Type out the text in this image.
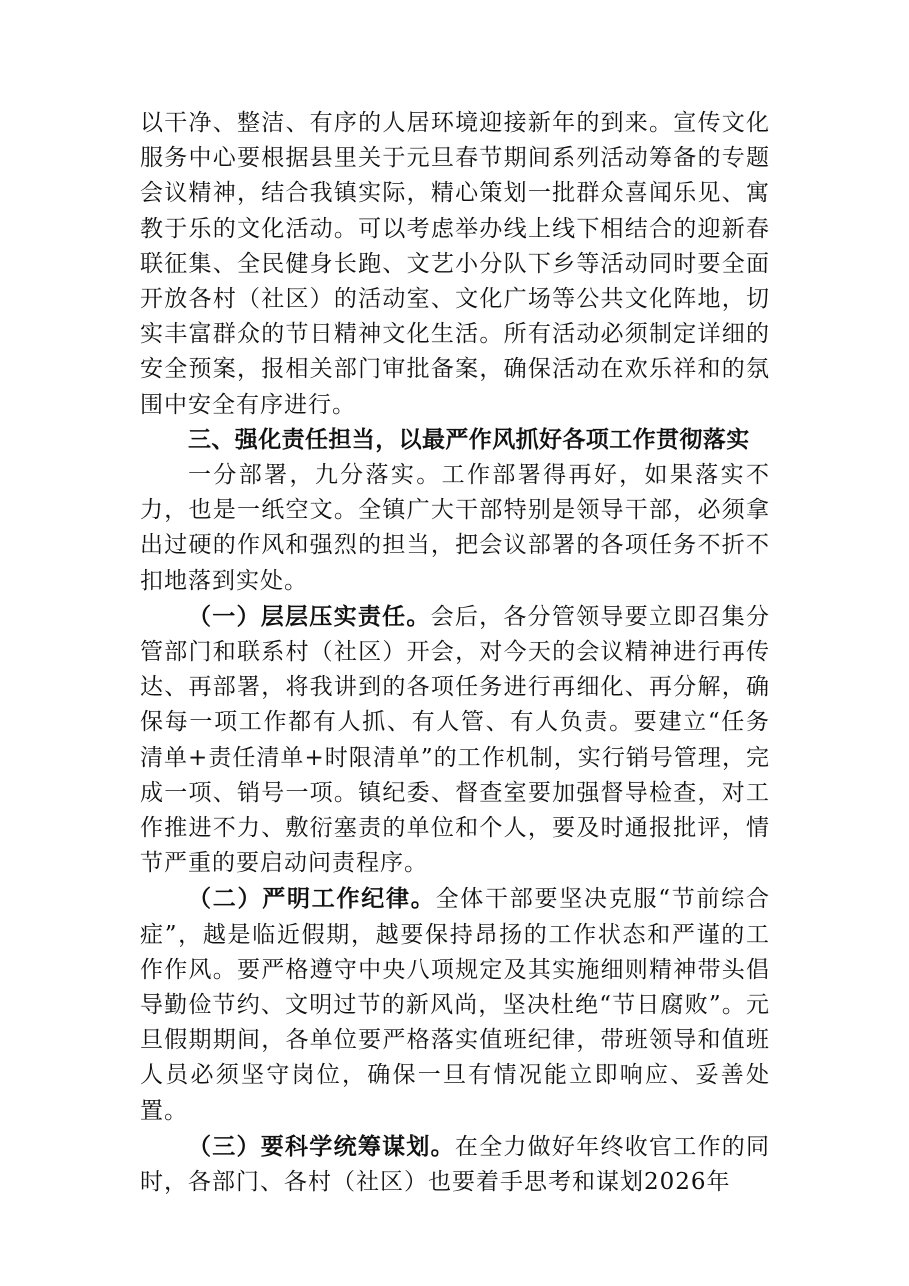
以干净、整洁、有序的人居环境迎接新年的到来。宣传文化服务中心要根据县里关于元旦春节期间系列活动筹备的专题会议精神，结合我镇实际，精心策划一批群众喜闻乐见、寓教于乐的文化活动。可以考虑举办线上线下相结合的迎新春联征集、全民健身长跑、文艺小分队下乡等活动同时要全面开放各村（社区）的活动室、文化广场等公共文化阵地，切实丰富群众的节日精神文化生活。所有活动必须制定详细的安全预案，报相关部门审批备案，确保活动在欢乐祥和的氛围中安全有序进行。

三、强化责任担当，以最严作风抓好各项工作贯彻落实

一分部署，九分落实。工作部署得再好，如果落实不力，也是一纸空文。全镇广大干部特别是领导干部，必须拿出过硬的作风和强烈的担当，把会议部署的各项任务不折不扣地落到实处。

（一）层层压实责任。会后，各分管领导要立即召集分管部门和联系村（社区）开会，对今天的会议精神进行再传达、再部署，将我讲到的各项任务进行再细化、再分解，确保每一项工作都有人抓、有人管、有人负责。要建立“任务清单+责任清单+时限清单”的工作机制，实行销号管理，完成一项、销号一项。镇纪委、督查室要加强督导检查，对工作推进不力、敷衍塞责的单位和个人，要及时通报批评，情节严重的要启动问责程序。

（二）严明工作纪律。全体干部要坚决克服“节前综合症”，越是临近假期，越要保持昂扬的工作状态和严谨的工作作风。要严格遵守中央八项规定及其实施细则精神带头倡导勤俭节约、文明过节的新风尚，坚决杜绝“节日腐败”。元旦假期期间，各单位要严格落实值班纪律，带班领导和值班人员必须坚守岗位，确保一旦有情况能立即响应、妥善处置。

（三）要科学统筹谋划。在全力做好年终收官工作的同时，各部门、各村（社区）也要着手思考和谋划2026年
